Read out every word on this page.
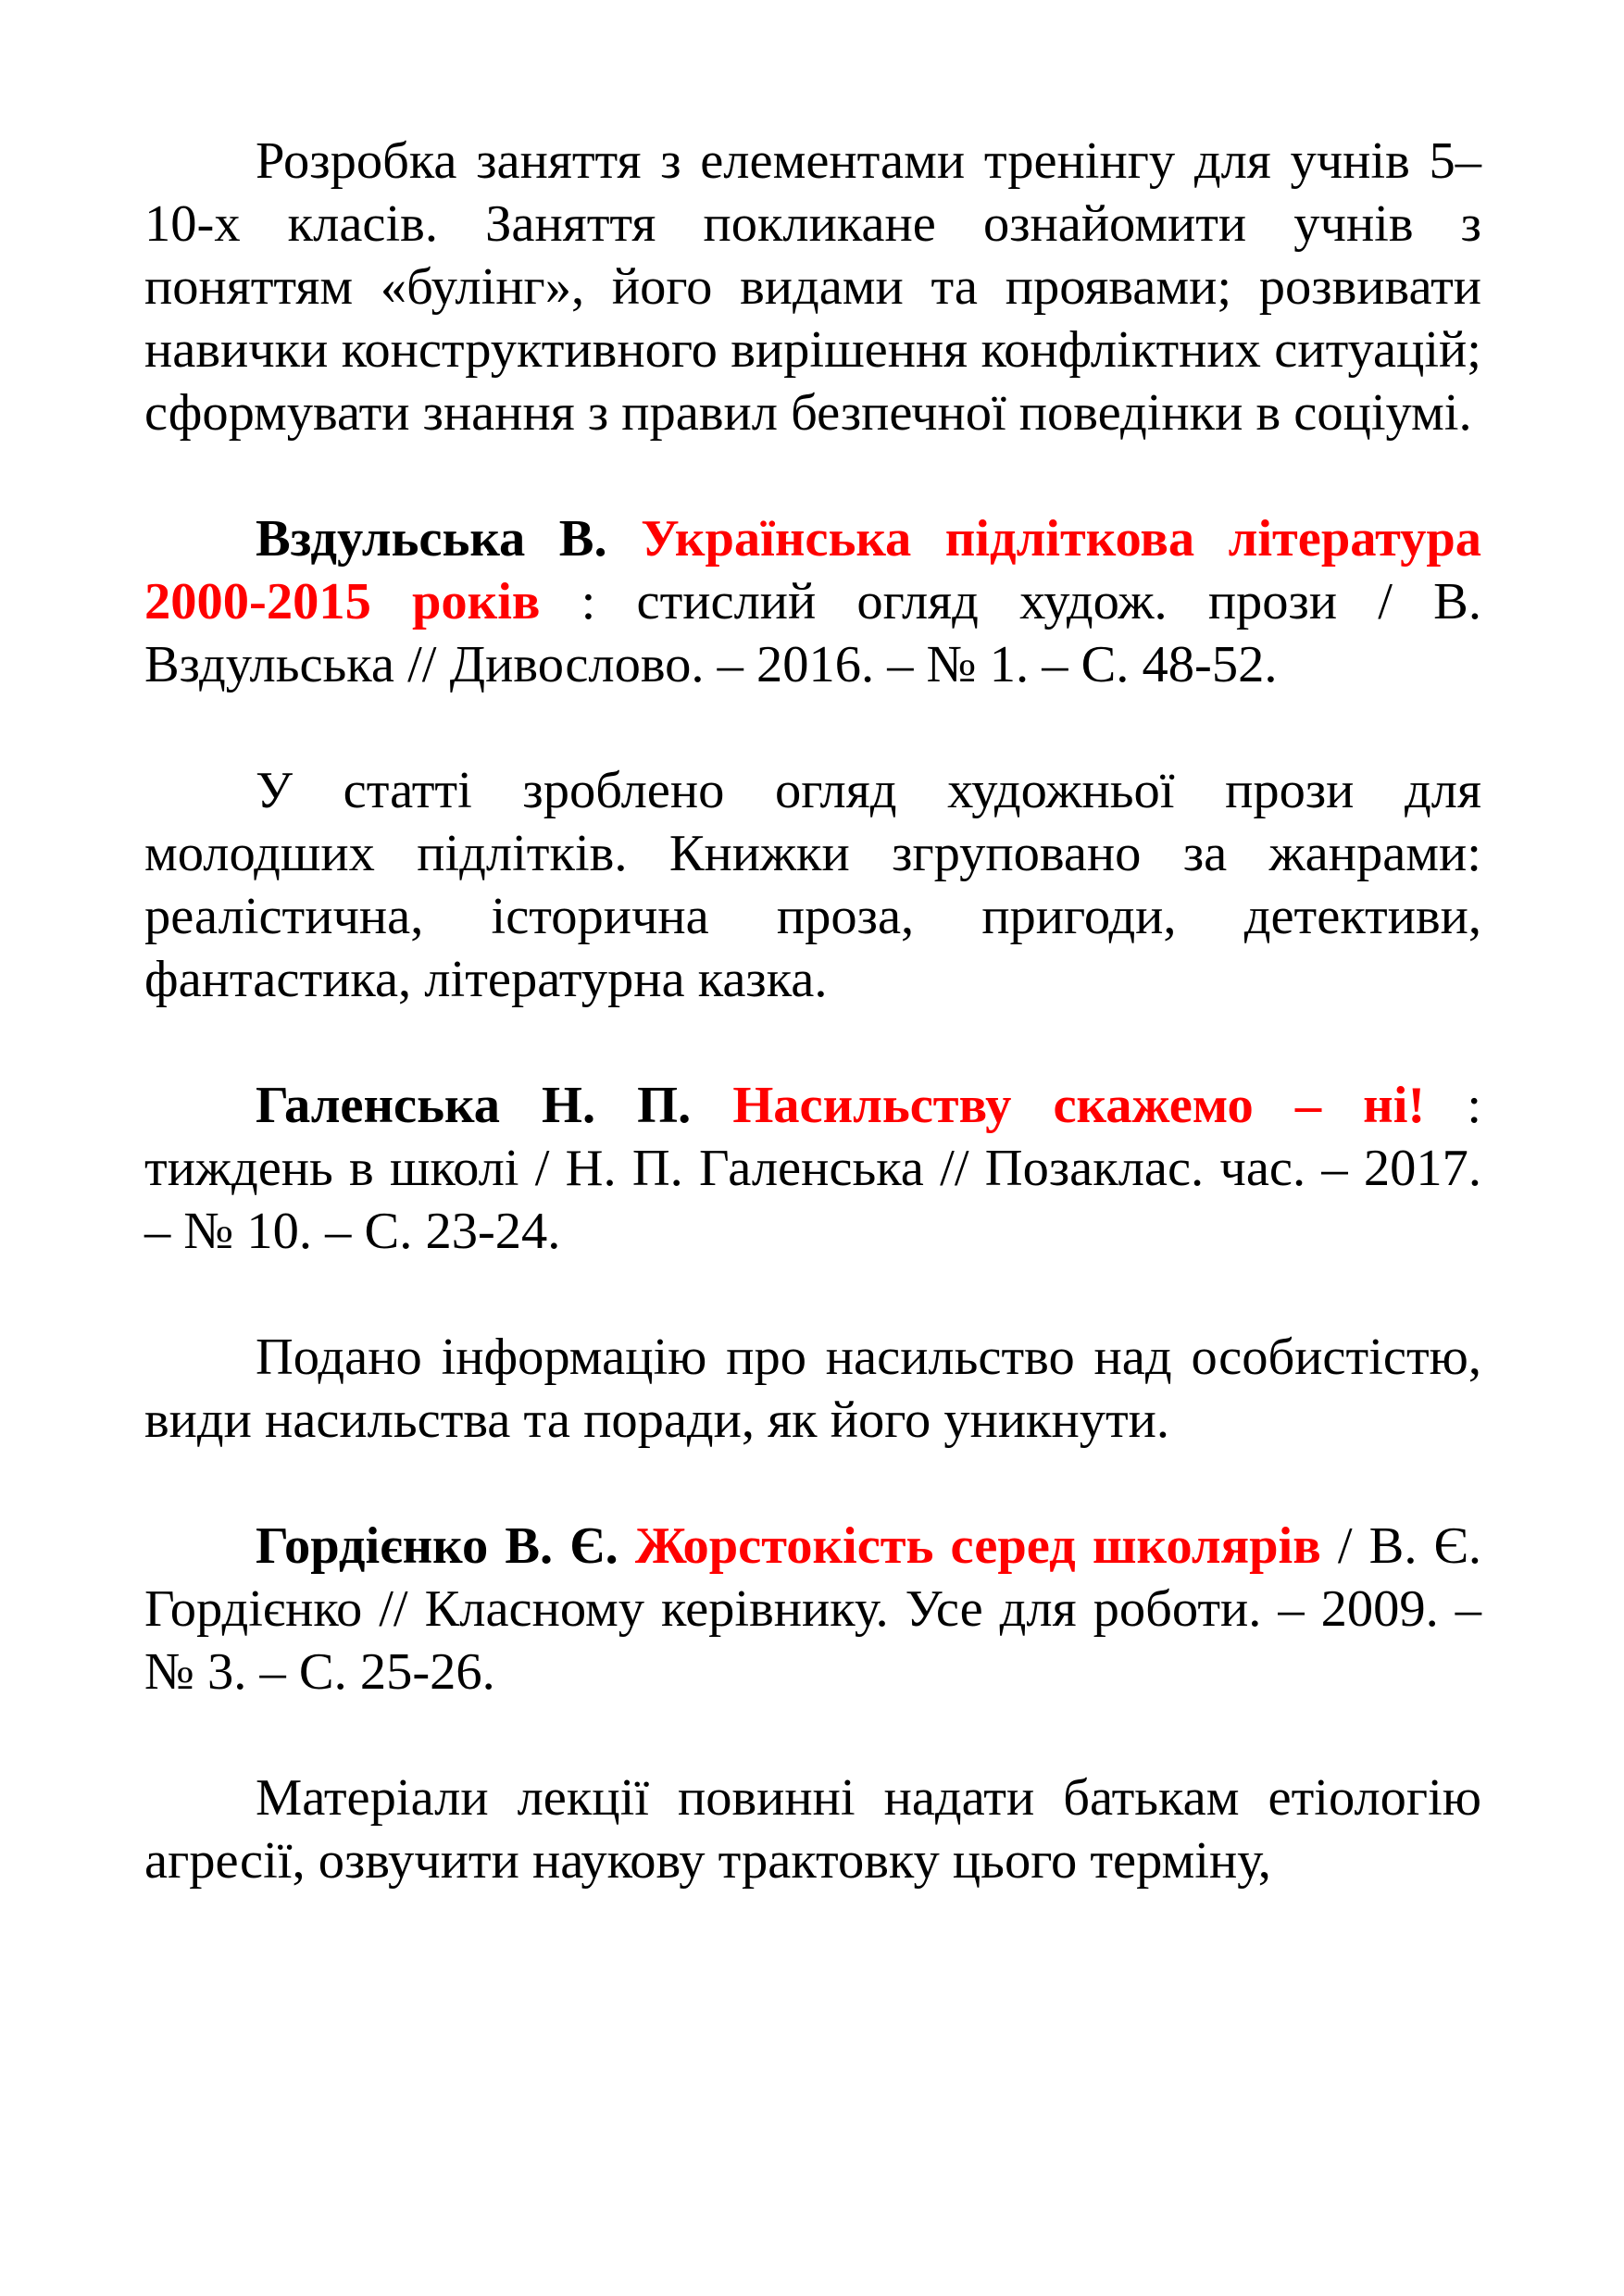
Розробка заняття з елементами тренінгу для учнів 5–10-х класів. Заняття покликане ознайомити учнів з поняттям «булінг», його видами та проявами; розвивати навички конструктивного вирішення конфліктних ситуацій; сформувати знання з правил безпечної поведінки в соціумі.

Вздульська В. Українська підліткова література 2000-2015 років : стислий огляд худож. прози / В. Вздульська // Дивослово. – 2016. – № 1. – С. 48-52.

У статті зроблено огляд художньої прози для молодших підлітків. Книжки згруповано за жанрами: реалістична, історична проза, пригоди, детективи, фантастика, літературна казка.

Галенська Н. П. Насильству скажемо – ні! : тиждень в школі / Н. П. Галенська // Позаклас. час. – 2017. – № 10. – С. 23-24.

Подано інформацію про насильство над особистістю, види насильства та поради, як його уникнути.

Гордієнко В. Є. Жорстокість серед школярів / В. Є. Гордієнко // Класному керівнику. Усе для роботи. – 2009. – № 3. – С. 25-26.

Матеріали лекції повинні надати батькам етіологію агресії, озвучити наукову трактовку цього терміну,
